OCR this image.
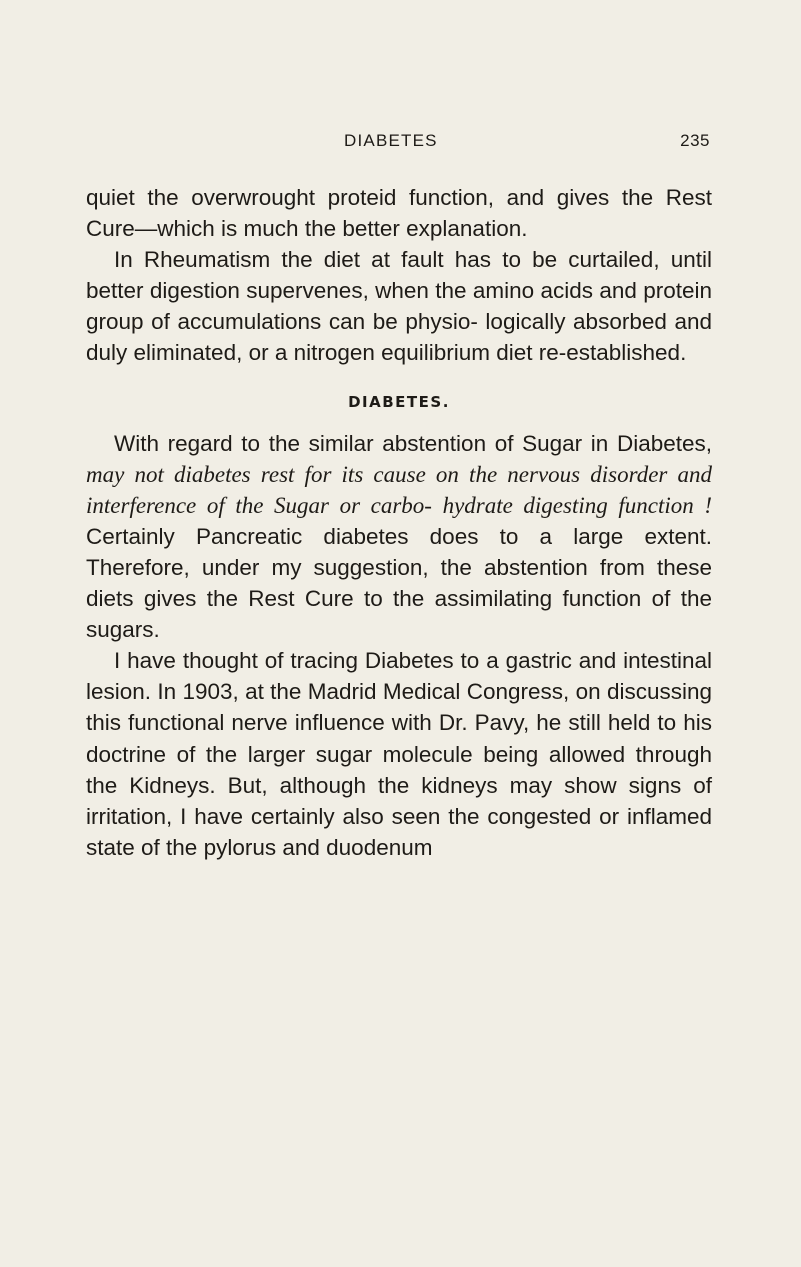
DIABETES	235

quiet the overwrought proteid function, and gives the Rest Cure—which is much the better explanation.

In Rheumatism the diet at fault has to be curtailed, until better digestion supervenes, when the amino acids and protein group of accumulations can be physio- logically absorbed and duly eliminated, or a nitrogen equilibrium diet re-established.

DIABETES.

With regard to the similar abstention of Sugar in Diabetes, may not diabetes rest for its cause on the nervous disorder and interference of the Sugar or carbo- hydrate digesting function ! Certainly Pancreatic diabetes does to a large extent. Therefore, under my suggestion, the abstention from these diets gives the Rest Cure to the assimilating function of the sugars.

I have thought of tracing Diabetes to a gastric and intestinal lesion. In 1903, at the Madrid Medical Congress, on discussing this functional nerve influence with Dr. Pavy, he still held to his doctrine of the larger sugar molecule being allowed through the Kidneys. But, although the kidneys may show signs of irritation, I have certainly also seen the congested or inflamed state of the pylorus and duodenum
